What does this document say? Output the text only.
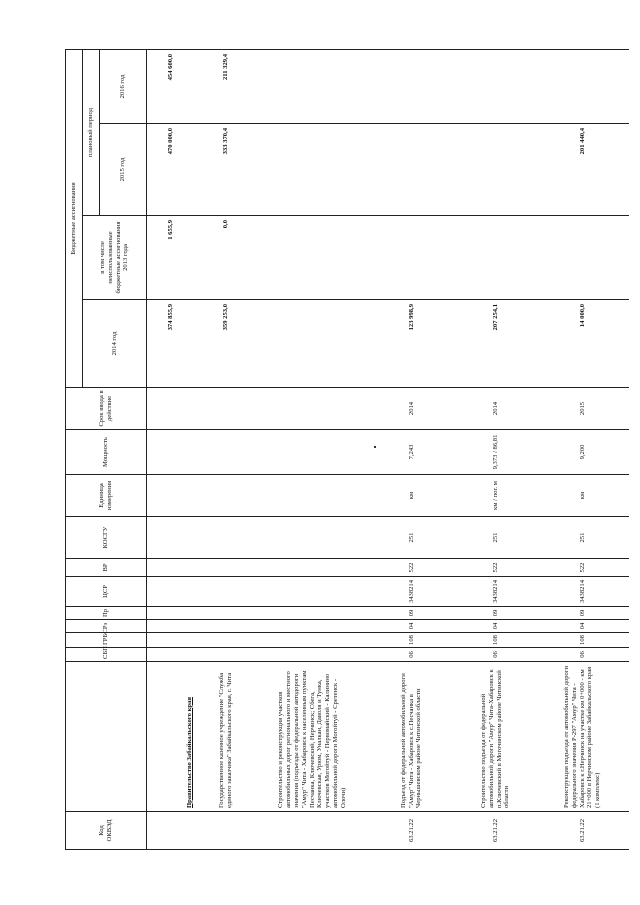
Код ОКВЭД		СБП	ГРБС	Рз	Пр	ЦСР	ВР	КОСГУ	Единица измерения	Мощность	Срок ввода в действие	Бюджетные ассигнования			
												2014 год	в том числе неиспользованные бюджетные ассигнования 2013 года	плановый период	
														2015 год	2016 год
	Правительство Забайкальского края											374 855,9	1 655,9	470 000,0	454 600,0
	Государственное казенное учреждение "Служба единого заказчика" Забайкальского края, г. Чита											359 253,0	0,0	333 370,4	211 329,4
	Строительство и реконструкция участков автомобильных дорог регионального и местного значения (подъезды от федеральной автодороги "Амур" Чита - Хабаровск к населенным пунктам Песчанка, Ключевский, Нерчинск; Сбега, Ключевская, Урюм, Уналкан, Даволя и Тунка, участков Могойтуй - Первомайский - Калинино автомобильной дороги Могойтуй - Сретенск - Олочи)														
63.21.22	Подъезд от федеральной автомобильной дороги "Амур" Чита - Хабаровск к с.Песчанка в Чернышевском районе Читинской области	06	108	04	09	3438214	522	251	км	7,243	2014	123 998,9			
63.21.22	Строительство подъезда от федеральной автомобильной дороги "Амур" Чита-Хабаровск к п.Ключевский в Могочинском районе Читинской области	06	108	04	09	3438214	522	251	км / пог. м	9,373 / 86,81	2014	207 254,1			
63.21.22	Реконструкция подъезда от автомобильной дороги федерального значения Р-297 "Амур" Чита - Хабаровск к г.Нерчинск на участке км 0+000 - км 21+000 в Нерчинском районе Забайкальского края (1 комплекс)	06	108	04	09	3438214	522	251	км	9,200	2015	14 000,0		201 440,4	
